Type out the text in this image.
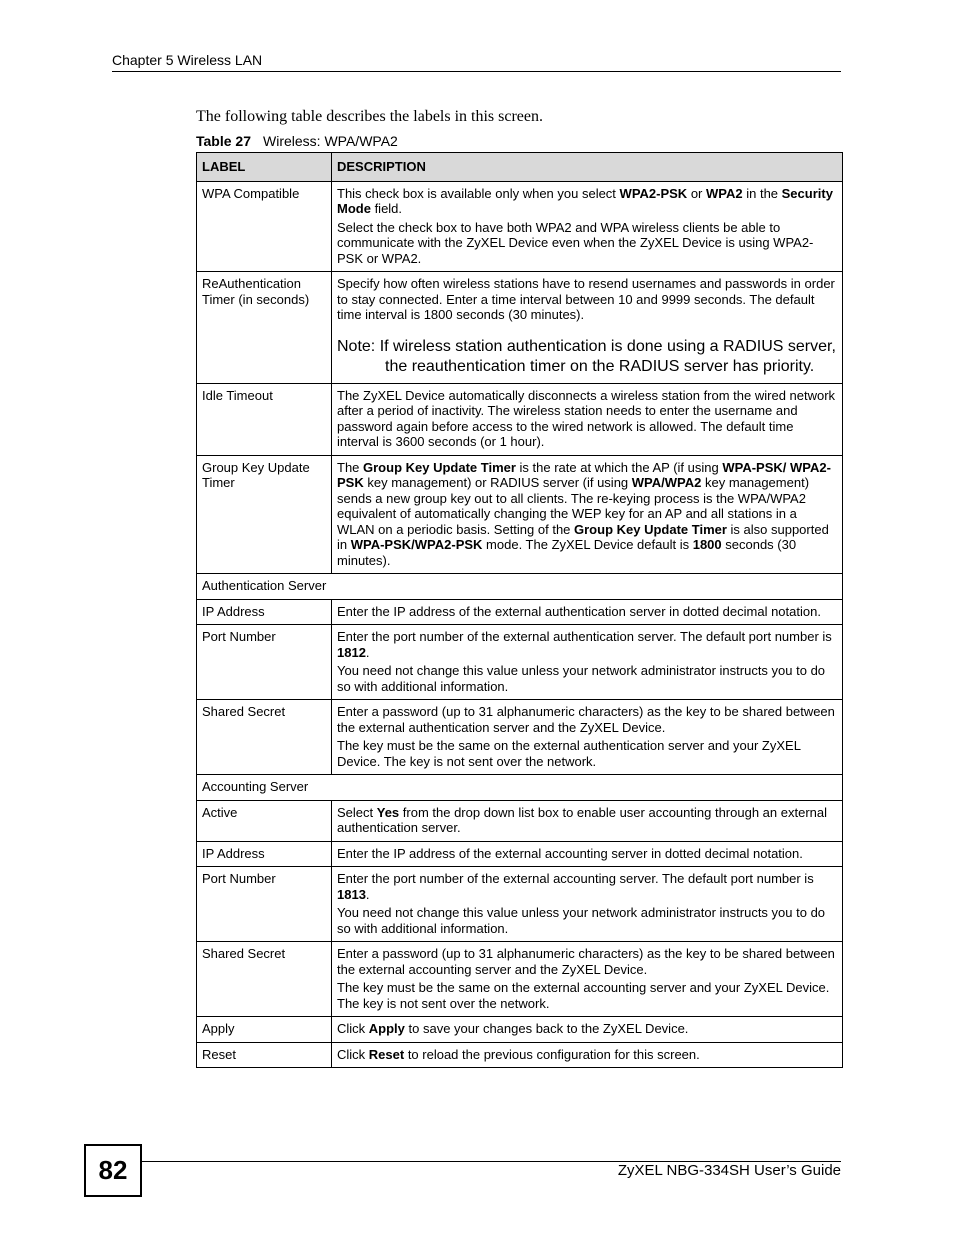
Chapter 5 Wireless LAN
The following table describes the labels in this screen.
Table 27 Wireless: WPA/WPA2
LABEL	DESCRIPTION
WPA Compatible	This check box is available only when you select WPA2-PSK or WPA2 in the Security Mode field.

Select the check box to have both WPA2 and WPA wireless clients be able to communicate with the ZyXEL Device even when the ZyXEL Device is using WPA2-PSK or WPA2.

ReAuthentication Timer (in seconds)	Specify how often wireless stations have to resend usernames and passwords in order to stay connected. Enter a time interval between 10 and 9999 seconds. The default time interval is 1800 seconds (30 minutes).

Note: If wireless station authentication is done using a RADIUS server, the reauthentication timer on the RADIUS server has priority.

Idle Timeout	The ZyXEL Device automatically disconnects a wireless station from the wired network after a period of inactivity. The wireless station needs to enter the username and password again before access to the wired network is allowed. The default time interval is 3600 seconds (or 1 hour).

Group Key Update Timer	The Group Key Update Timer is the rate at which the AP (if using WPA-PSK/ WPA2-PSK key management) or RADIUS server (if using WPA/WPA2 key management) sends a new group key out to all clients. The re-keying process is the WPA/WPA2 equivalent of automatically changing the WEP key for an AP and all stations in a WLAN on a periodic basis. Setting of the Group Key Update Timer is also supported in WPA-PSK/WPA2-PSK mode. The ZyXEL Device default is 1800 seconds (30 minutes).

Authentication Server	
IP Address	Enter the IP address of the external authentication server in dotted decimal notation.

Port Number	Enter the port number of the external authentication server. The default port number is 1812.

You need not change this value unless your network administrator instructs you to do so with additional information.

Shared Secret	Enter a password (up to 31 alphanumeric characters) as the key to be shared between the external authentication server and the ZyXEL Device.

The key must be the same on the external authentication server and your ZyXEL Device. The key is not sent over the network.

Accounting Server	
Active	Select Yes from the drop down list box to enable user accounting through an external authentication server.

IP Address	Enter the IP address of the external accounting server in dotted decimal notation.

Port Number	Enter the port number of the external accounting server. The default port number is 1813.

You need not change this value unless your network administrator instructs you to do so with additional information.

Shared Secret	Enter a password (up to 31 alphanumeric characters) as the key to be shared between the external accounting server and the ZyXEL Device.

The key must be the same on the external accounting server and your ZyXEL Device. The key is not sent over the network.

Apply	Click Apply to save your changes back to the ZyXEL Device.

Reset	Click Reset to reload the previous configuration for this screen.

82	ZyXEL NBG-334SH User’s Guide
